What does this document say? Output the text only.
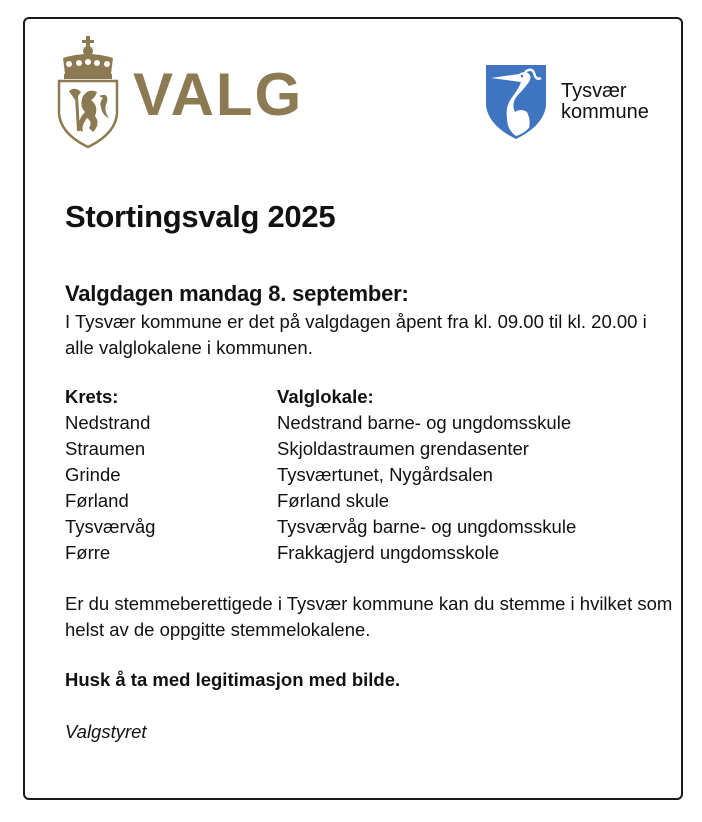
VALG	Tysvær
kommune
Stortingsvalg 2025
Valgdagen mandag 8. september:
I Tysvær kommune er det på valgdagen åpent fra kl. 09.00 til kl. 20.00 i alle valglokalene i kommunen.
Krets:	Valglokale:
Nedstrand	Nedstrand barne- og ungdomsskule
Straumen	Skjoldastraumen grendasenter
Grinde	Tysværtunet, Nygårdsalen
Førland	Førland skule
Tysværvåg	Tysværvåg barne- og ungdomsskule
Førre	Frakkagjerd ungdomsskole
Er du stemmeberettigede i Tysvær kommune kan du stemme i hvilket som helst av de oppgitte stemmelokalene.
Husk å ta med legitimasjon med bilde.
Valgstyret
